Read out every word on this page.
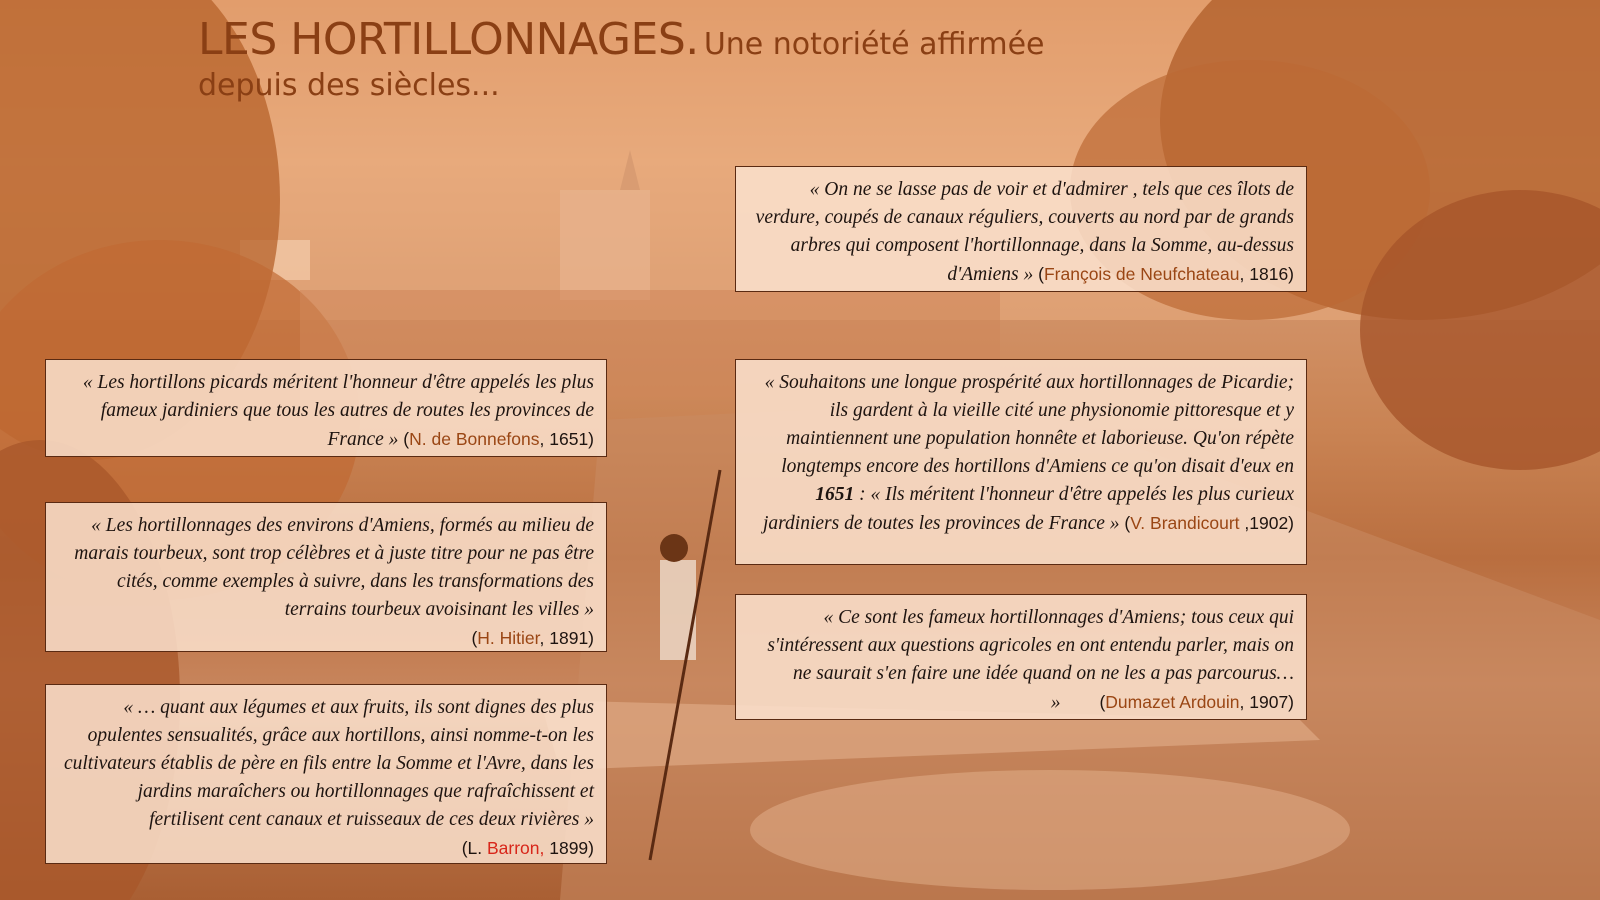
LES HORTILLONNAGES. Une notoriété affirmée
depuis des siècles...
« On ne se lasse pas de voir et d'admirer , tels que ces îlots de verdure, coupés de canaux réguliers, couverts au nord par de grands arbres qui composent l'hortillonnage, dans la Somme, au-dessus d'Amiens » (François de Neufchateau, 1816)
« Les hortillons picards méritent l'honneur d'être appelés les plus fameux jardiniers que tous les autres de routes les provinces de France » (N. de Bonnefons, 1651)
« Souhaitons une longue prospérité aux hortillonnages de Picardie; ils gardent à la vieille cité une physionomie pittoresque et y maintiennent une population honnête et laborieuse. Qu'on répète longtemps encore des hortillons d'Amiens ce qu'on disait d'eux en 1651 : « Ils méritent l'honneur d'être appelés les plus curieux jardiniers de toutes les provinces de France » (V. Brandicourt ,1902)
« Les hortillonnages des environs d'Amiens, formés au milieu de marais tourbeux, sont trop célèbres et à juste titre pour ne pas être cités, comme exemples à suivre, dans les transformations des terrains tourbeux avoisinant les villes »
(H. Hitier, 1891)
« Ce sont les fameux hortillonnages d'Amiens; tous ceux qui s'intéressent aux questions agricoles en ont entendu parler, mais on ne saurait s'en faire une idée quand on ne les a pas parcourus… » (Dumazet Ardouin, 1907)
« … quant aux légumes et aux fruits, ils sont dignes des plus opulentes sensualités, grâce aux hortillons, ainsi nomme-t-on les cultivateurs établis de père en fils entre la Somme et l'Avre, dans les jardins maraîchers ou hortillonnages que rafraîchissent et fertilisent cent canaux et ruisseaux de ces deux rivières »
(L. Barron, 1899)
